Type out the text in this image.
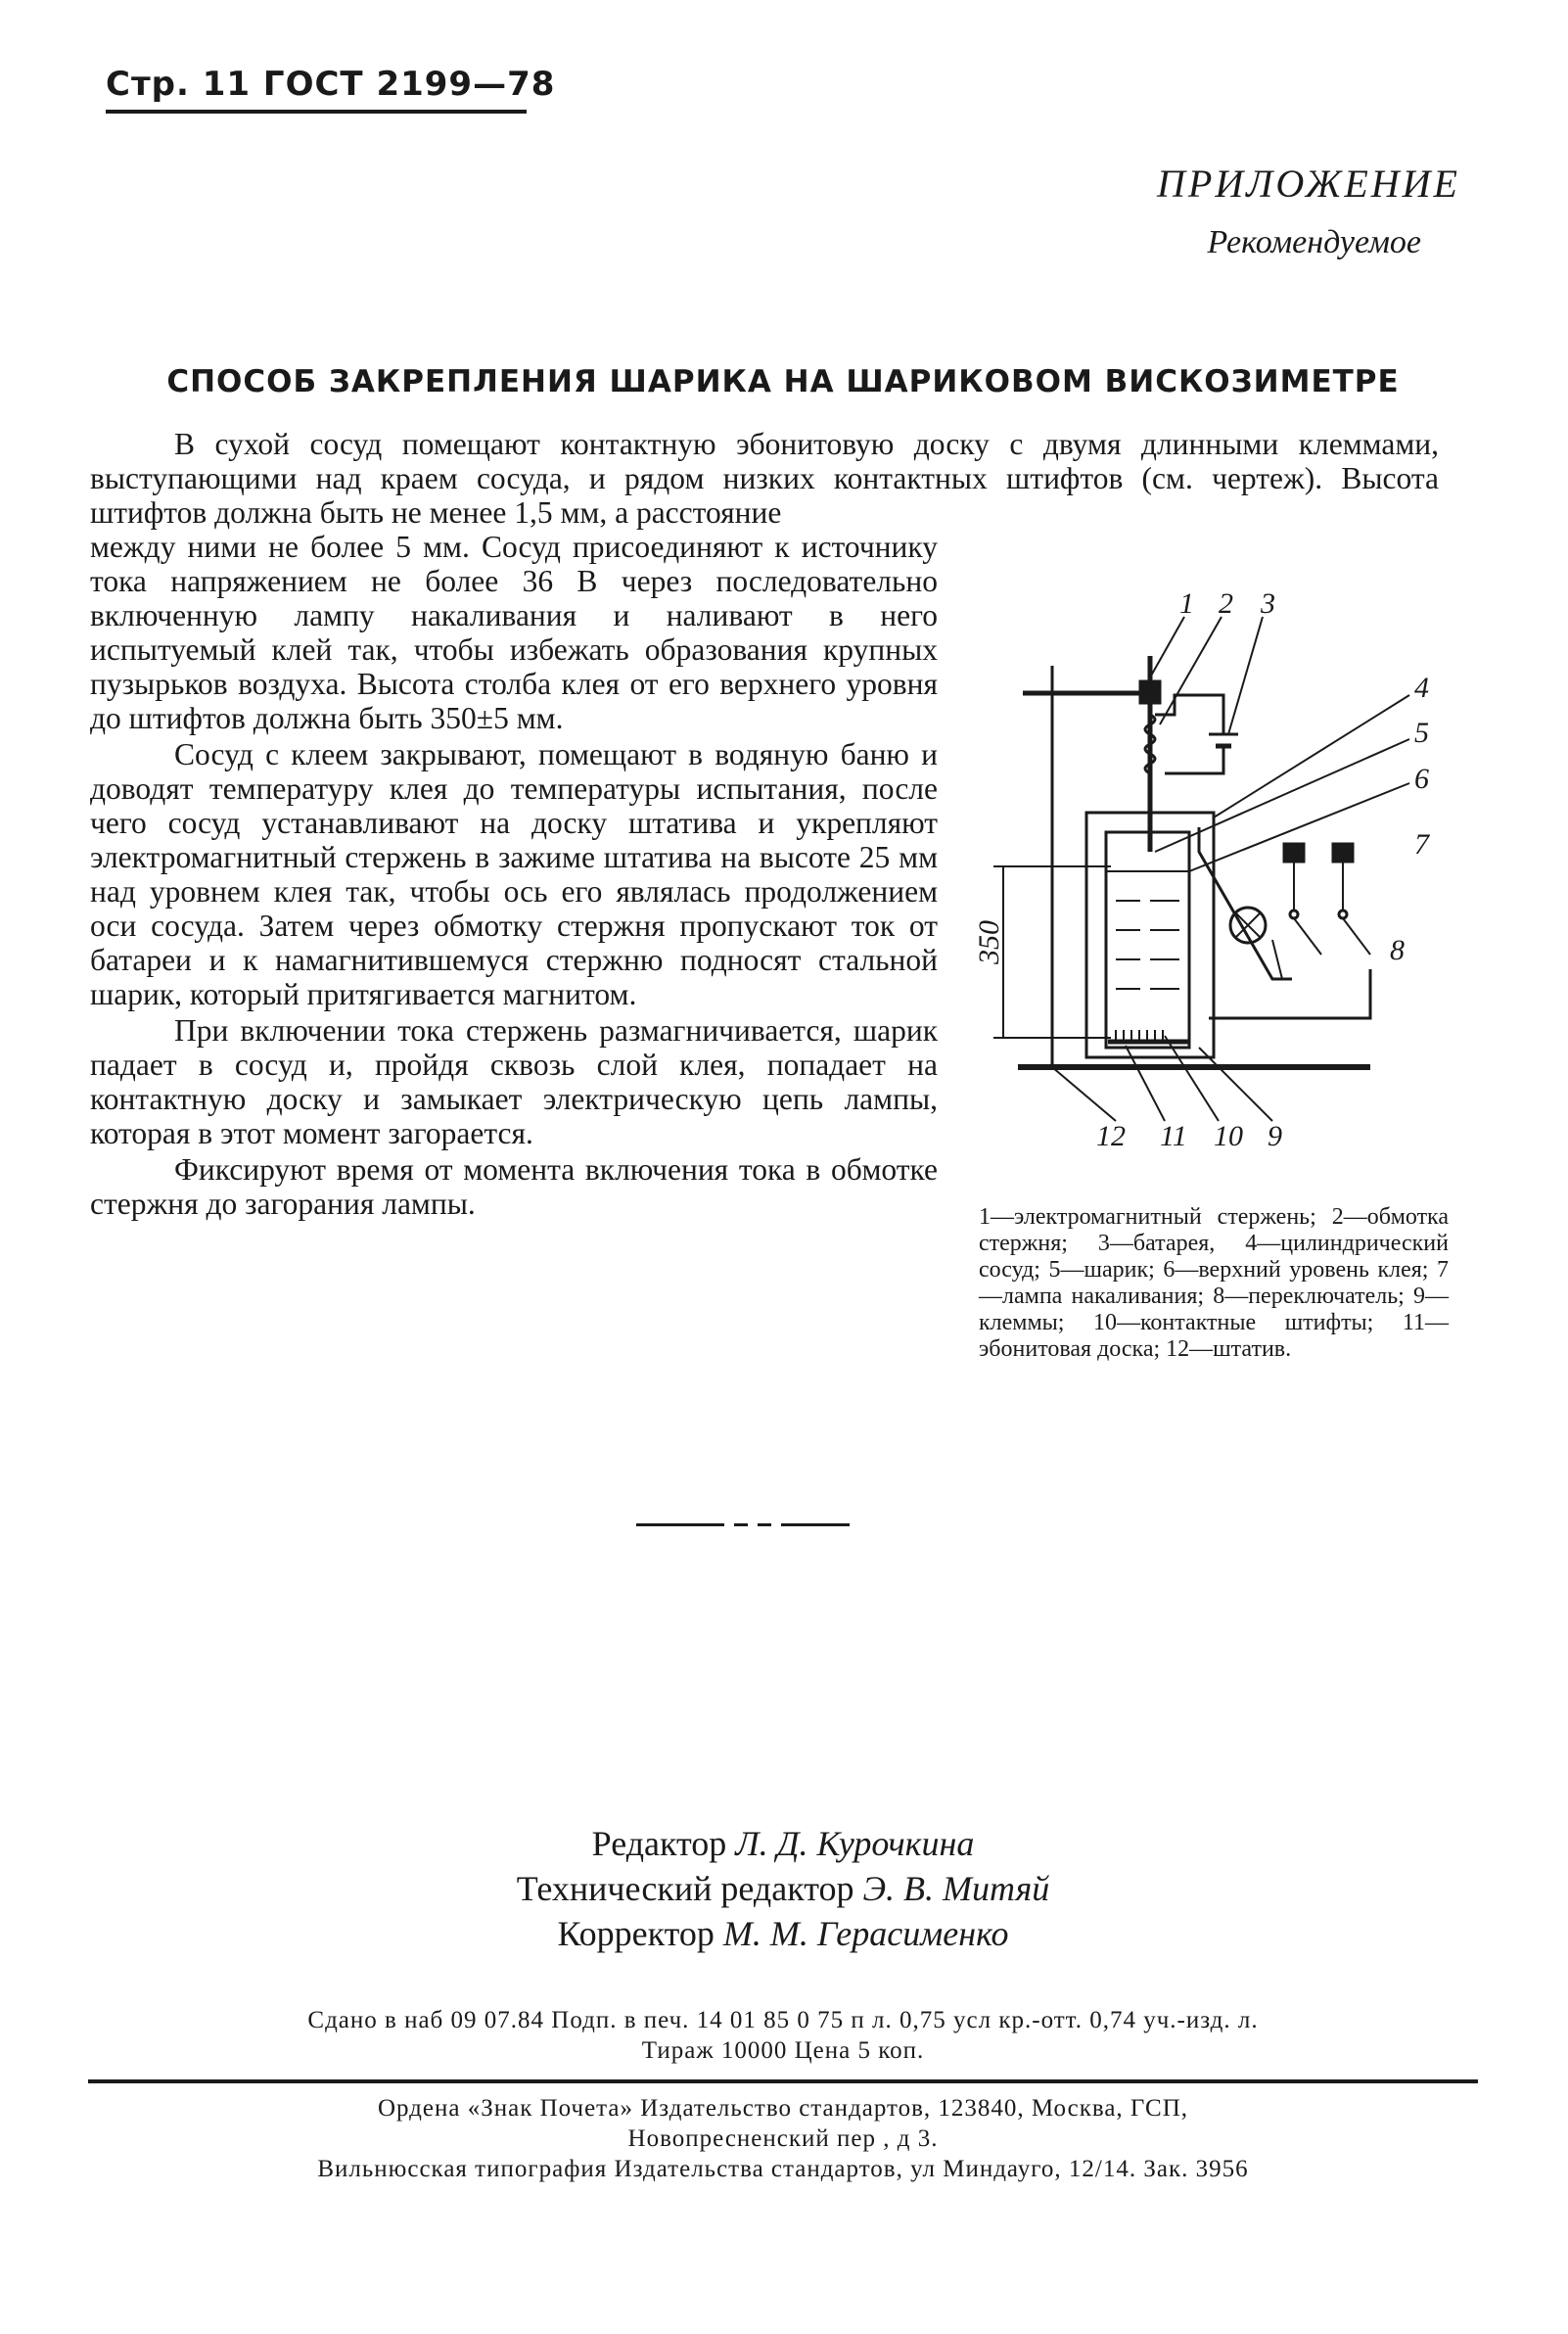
Стр. 11 ГОСТ 2199—78
ПРИЛОЖЕНИЕ
Рекомендуемое
СПОСОБ ЗАКРЕПЛЕНИЯ ШАРИКА НА ШАРИКОВОМ ВИСКОЗИМЕТРЕ

В сухой сосуд помещают контактную эбонитовую доску с двумя длинными клеммами, выступающими над краем сосуда, и рядом низких контактных штифтов (см. чертеж). Высота штифтов должна быть не менее 1,5 мм, а расстояние

между ними не более 5 мм. Сосуд присоединяют к источнику тока напряжением не более 36 В через последовательно включенную лампу накаливания и наливают в него испытуемый клей так, чтобы избежать образования крупных пузырьков воздуха. Высота столба клея от его верхнего уровня до штифтов должна быть 350±5 мм.

Сосуд с клеем закрывают, помещают в водяную баню и доводят температуру клея до температуры испытания, после чего сосуд устанавливают на доску штатива и укрепляют электромагнитный стержень в зажиме штатива на высоте 25 мм над уровнем клея так, чтобы ось его являлась продолжением оси сосуда. Затем через обмотку стержня пропускают ток от батареи и к намагнитившемуся стержню подносят стальной шарик, который притягивается магнитом.

При включении тока стержень размагничивается, шарик падает в сосуд и, пройдя сквозь слой клея, попадает на контактную доску и замыкает электрическую цепь лампы, которая в этот момент загорается.

Фиксируют время от момента включения тока в обмотке стержня до загорания лампы.

1 2 3
4
5
6
7
8
9
10
11
12
350
1—электромагнитный стержень; 2—обмотка стержня; 3—батарея, 4—цилиндрический сосуд; 5—шарик; 6—верхний уровень клея; 7—лампа накаливания; 8—переключатель; 9—клеммы; 10—контактные штифты; 11—эбонитовая доска; 12—штатив.
Редактор Л. Д. Курочкина
Технический редактор Э. В. Митяй
Корректор М. М. Герасименко
Сдано в наб 09 07.84 Подп. в печ. 14 01 85 0 75 п л. 0,75 усл кр.-отт. 0,74 уч.-изд. л.
Тираж 10000 Цена 5 коп.
Ордена «Знак Почета» Издательство стандартов, 123840, Москва, ГСП,
Новопресненский пер , д 3.
Вильнюсская типография Издательства стандартов, ул Миндауго, 12/14. Зак. 3956
